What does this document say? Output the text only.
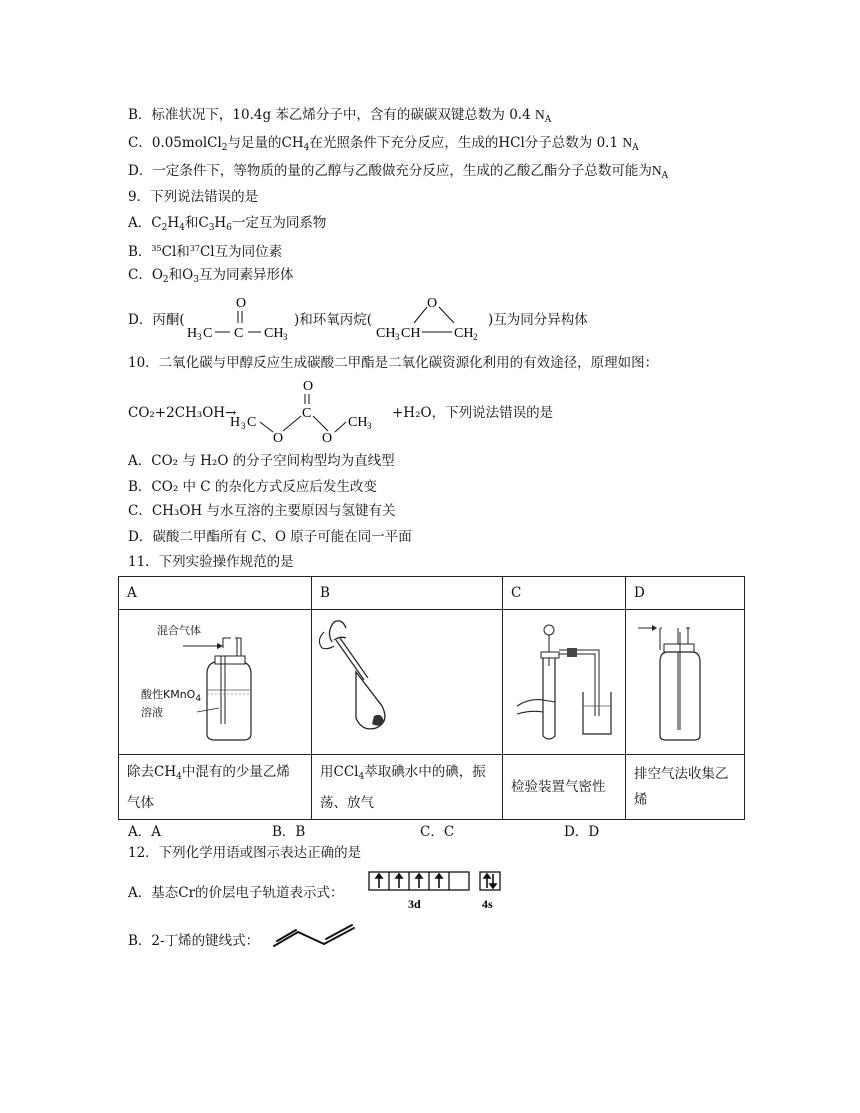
B．标准状况下，10.4g 苯乙烯分子中，含有的碳碳双键总数为 0.4 $N_A$
C．0.05molCl$_2$与足量的$CH_4$在光照条件下充分反应，生成的HCl分子总数为 0.1 $N_A$
D．一定条件下，等物质的量的乙醇与乙酸做充分反应，生成的乙酸乙酯分子总数可能为$N_A$
9．下列说法错误的是
A．$C_2H_4$和$C_3H_6$一定互为同系物
B．$^{35}$Cl和$^{37}$Cl互为同位素
C．$O_2$和$O_3$互为同素异形体
D．丙酮(
O
H 3 C C CH 3
)和环氧丙烷(
O
CH 3 CH CH 2
)互为同分异构体
10．二氧化碳与甲醇反应生成碳酸二甲酯是二氧化碳资源化利用的有效途径，原理如图：
CO₂+2CH₃OH→
O
C
O	O
H 3 C	CH 3
+H₂O，下列说法错误的是
A．CO₂ 与 H₂O 的分子空间构型均为直线型
B．CO₂ 中 C 的杂化方式反应后发生改变
C．CH₃OH 与水互溶的主要原因与氢键有关
D．碳酸二甲酯所有 C、O 原子可能在同一平面
11．下列实验操作规范的是
A	B	C	D

混合气体
酸性KMnO$_4$
溶液

除去$CH_4$中混有的少量乙烯气体	用CCl$_4$萃取碘水中的碘，振荡、放气	检验装置气密性	排空气法收集乙烯
A．A	B．B	C．C	D．D
12．下列化学用语或图示表达正确的是
A．基态Cr的价层电子轨道表示式：
3d	4s
B．2-丁烯的键线式：
